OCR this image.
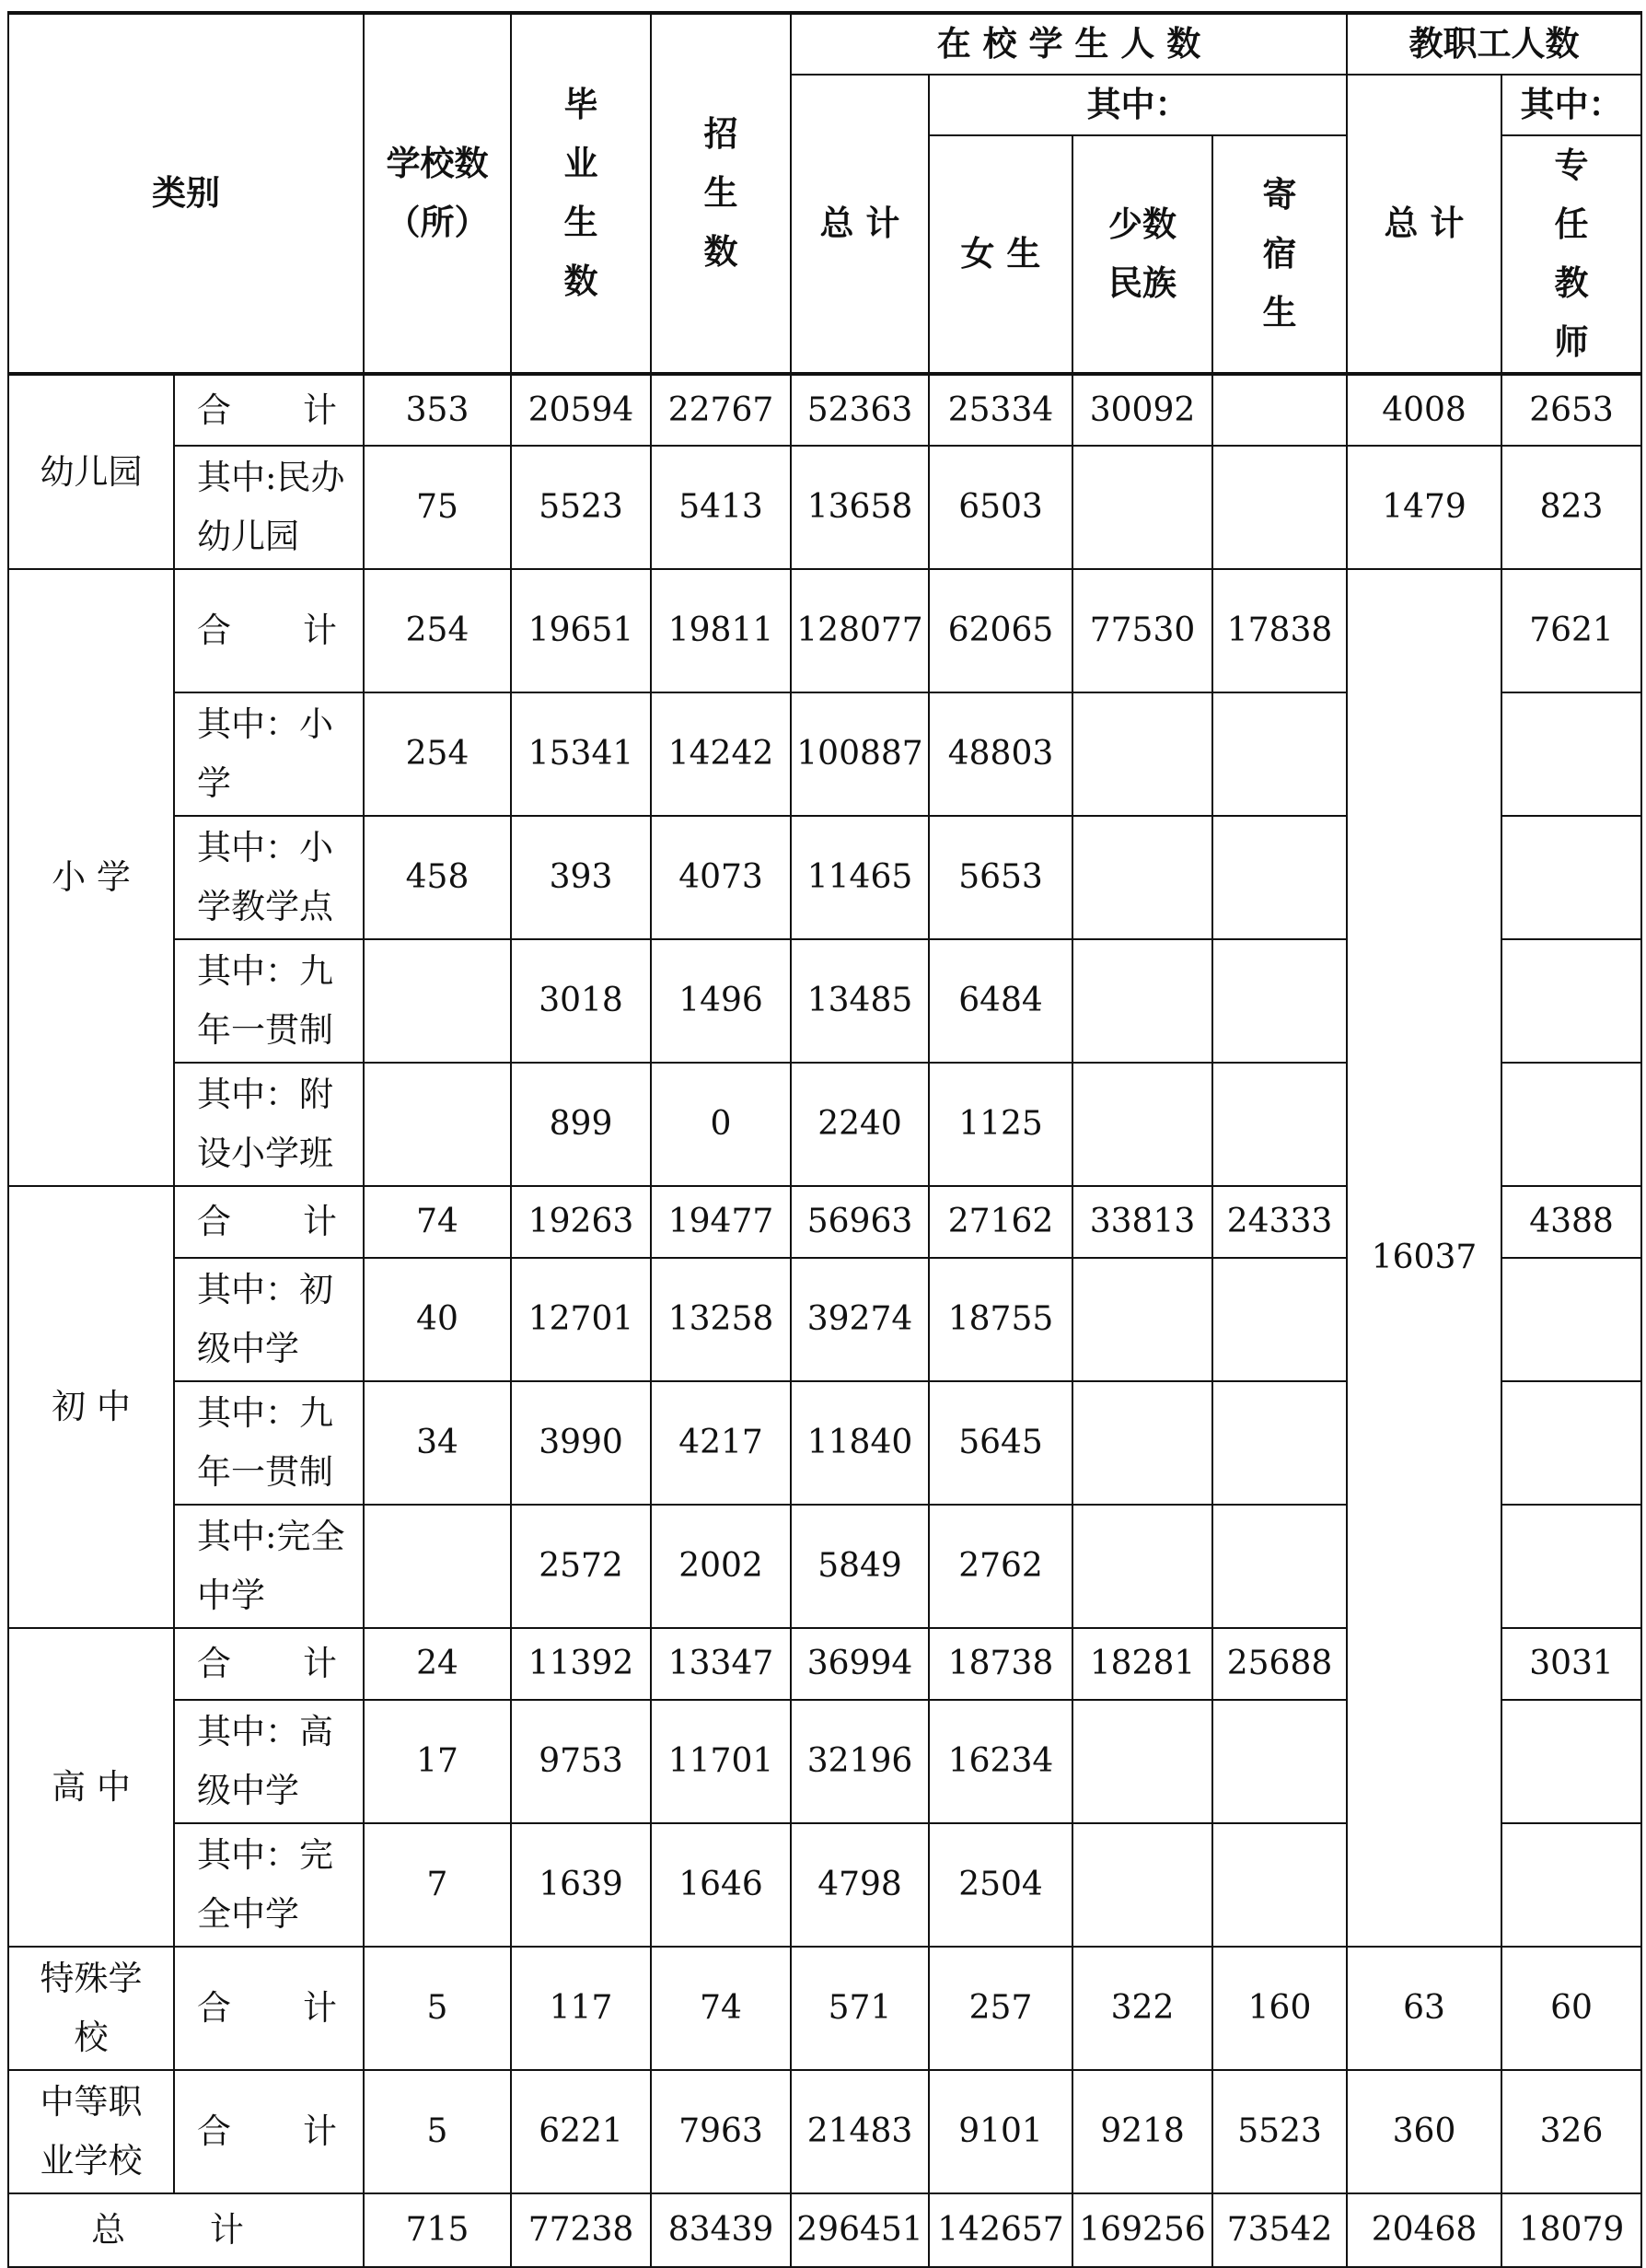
类别		学校数（所）	毕业生数	招生数	在 校 学 生 人 数				教职工人数	
					总 计	其中：			总 计	其中：
						女 生	少数民族	寄宿生		专任教师

幼儿园	合 计	353	20594	22767	52363	25334	30092		4008	2653
	其中:民办幼儿园	75	5523	5413	13658	6503			1479	823
小 学	合 计	254	19651	19811	128077	62065	77530	17838	16037	7621
	其中：小学	254	15341	14242	100887	48803				
	其中：小学教学点	458	393	4073	11465	5653				
	其中：九年一贯制		3018	1496	13485	6484				
	其中：附设小学班		899	0	2240	1125				
初 中	合 计	74	19263	19477	56963	27162	33813	24333		4388
	其中：初级中学	40	12701	13258	39274	18755				
	其中：九年一贯制	34	3990	4217	11840	5645				
	其中:完全中学		2572	2002	5849	2762				
高 中	合 计	24	11392	13347	36994	18738	18281	25688		3031
	其中：高级中学	17	9753	11701	32196	16234				
	其中：完全中学	7	1639	1646	4798	2504				
特殊学校	合 计	5	117	74	571	257	322	160	63	60
中等职业学校	合 计	5	6221	7963	21483	9101	9218	5523	360	326
总 计		715	77238	83439	296451	142657	169256	73542	20468	18079
